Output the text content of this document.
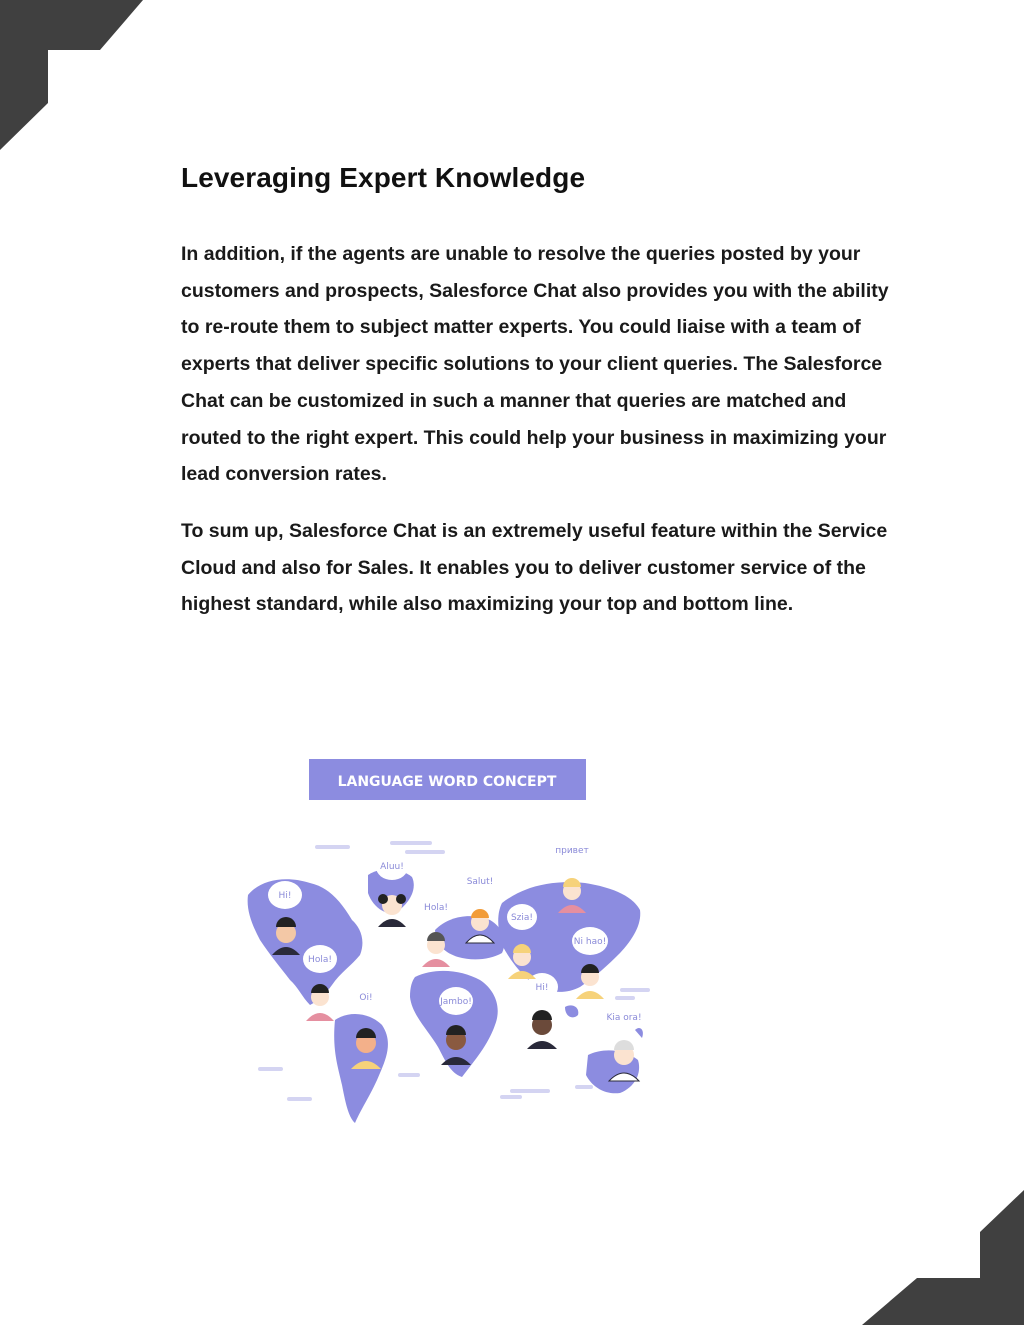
Leveraging Expert Knowledge

In addition, if the agents are unable to resolve the queries posted by your customers and prospects, Salesforce Chat also provides you with the ability to re-route them to subject matter experts. You could liaise with a team of experts that deliver specific solutions to your client queries. The Salesforce Chat can be customized in such a manner that queries are matched and routed to the right expert. This could help your business in maximizing your lead conversion rates.

To sum up, Salesforce Chat is an extremely useful feature within the Service Cloud and also for Sales. It enables you to deliver customer service of the highest standard, while also maximizing your top and bottom line.

LANGUAGE WORD CONCEPT
Hi!
Aluu!
Salut!
привет
Hola!
Szia!
Ni hao!
Hola!
Oi!
Hi!
Jambo!
Kia ora!
